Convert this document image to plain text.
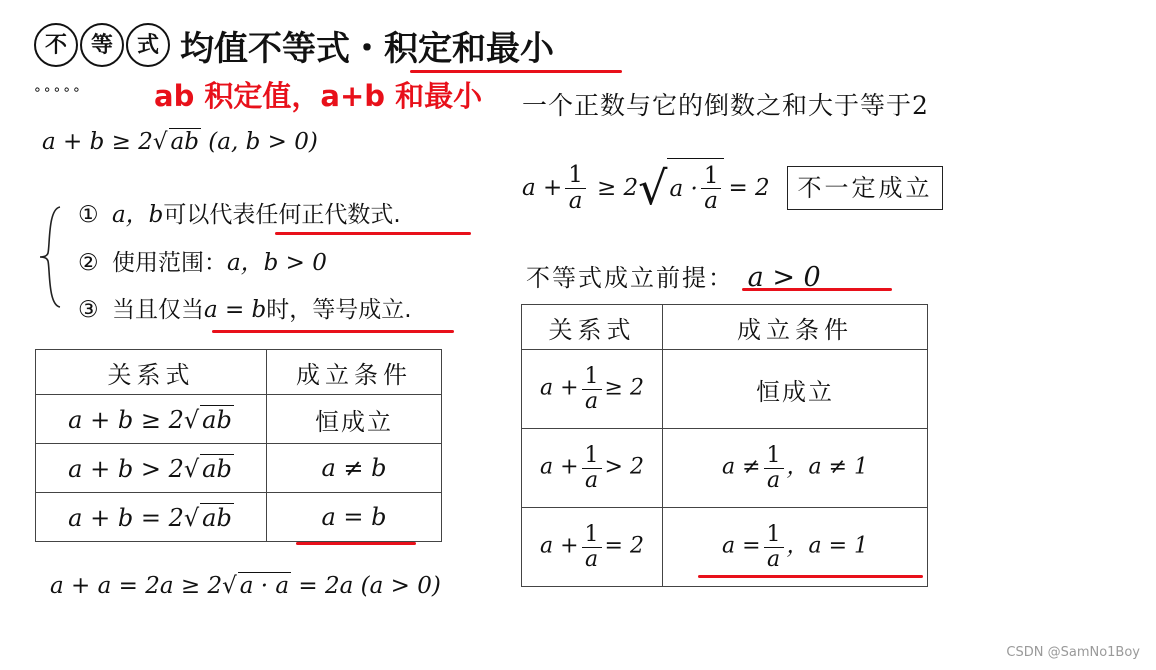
不	等	式 均值不等式・ 积定和最小
∘∘∘∘∘ ab 积定值，a+b 和最小
a + b ≥ 2√ ab (a, b > 0)
① a，b可以代表任何正代数式.
② 使用范围：a，b > 0
③ 当且仅当a = b时，等号成立.
关系式	成立条件
a + b ≥ 2√ ab	恒成立
a + b > 2√ ab	a ≠ b
a + b = 2√ ab	a = b
a + a = 2a ≥ 2√ a · a = 2a (a > 0)
一个正数与它的倒数之和大于等于2
$a + \frac{1}{a} \ge 2$ √ $a \cdot \frac{1}{a} = 2$	不一定成立
不等式成立前提： a > 0
关系式	成立条件
$a + \frac{1}{a} \ge 2$	恒成立
$a + \frac{1}{a} > 2$	$a \ne \frac{1}{a}$ ，a ≠ 1
$a + \frac{1}{a} = 2$	$a = \frac{1}{a}$ ，a = 1
CSDN @SamNo1Boy
